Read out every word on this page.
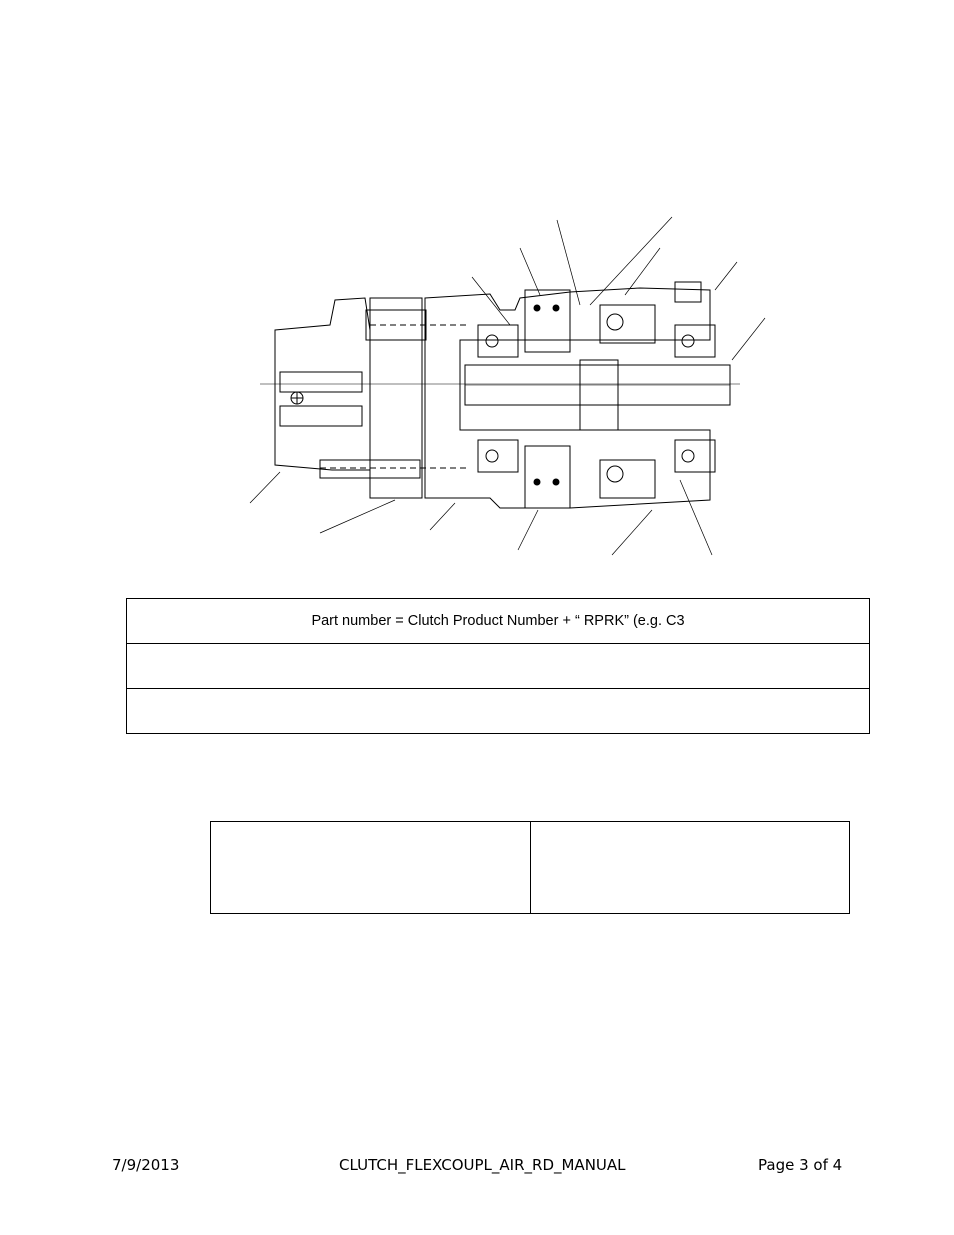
Part number = Clutch Product Number + “ RPRK” (e.g. C3
7/9/2013	CLUTCH_FLEXCOUPL_AIR_RD_MANUAL	Page 3 of 4
